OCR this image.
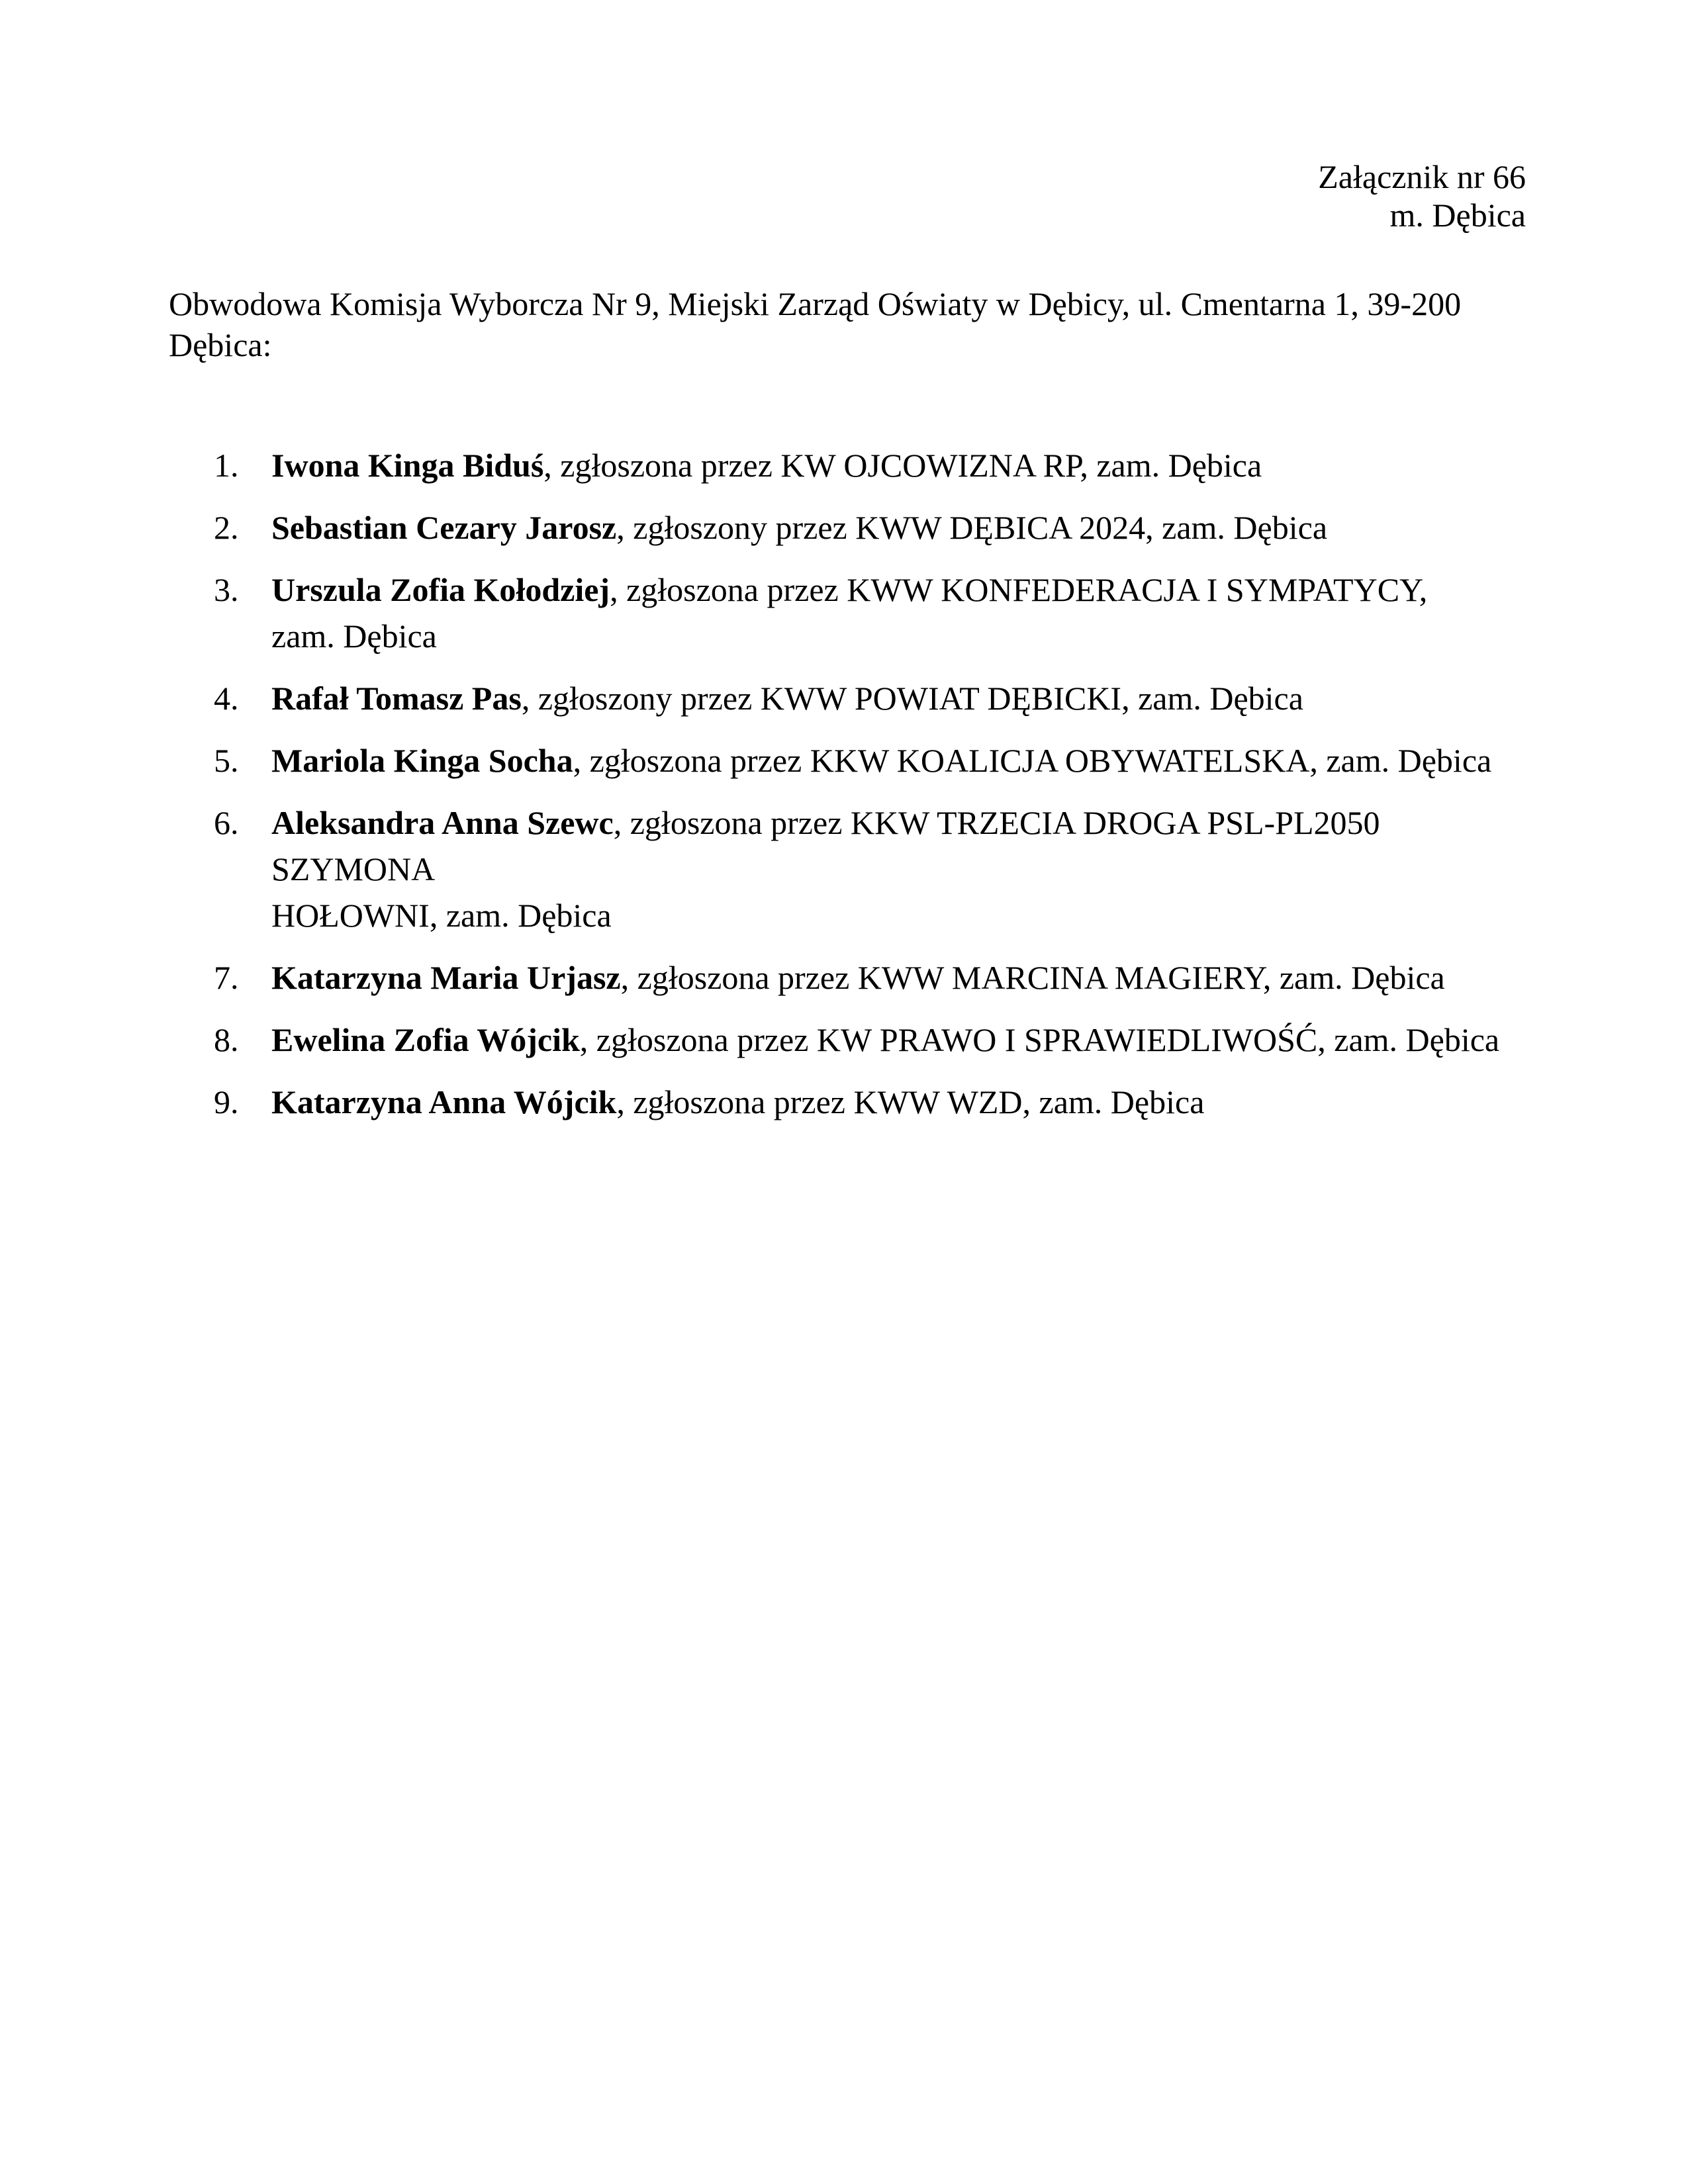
Załącznik nr 66
m. Dębica
Obwodowa Komisja Wyborcza Nr 9, Miejski Zarząd Oświaty w Dębicy, ul. Cmentarna 1, 39-200 Dębica:
1. Iwona Kinga Biduś, zgłoszona przez KW OJCOWIZNA RP, zam. Dębica
2. Sebastian Cezary Jarosz, zgłoszony przez KWW DĘBICA 2024, zam. Dębica
3. Urszula Zofia Kołodziej, zgłoszona przez KWW KONFEDERACJA I SYMPATYCY,
zam. Dębica
4. Rafał Tomasz Pas, zgłoszony przez KWW POWIAT DĘBICKI, zam. Dębica
5. Mariola Kinga Socha, zgłoszona przez KKW KOALICJA OBYWATELSKA, zam. Dębica
6. Aleksandra Anna Szewc, zgłoszona przez KKW TRZECIA DROGA PSL-PL2050 SZYMONA
HOŁOWNI, zam. Dębica
7. Katarzyna Maria Urjasz, zgłoszona przez KWW MARCINA MAGIERY, zam. Dębica
8. Ewelina Zofia Wójcik, zgłoszona przez KW PRAWO I SPRAWIEDLIWOŚĆ, zam. Dębica
9. Katarzyna Anna Wójcik, zgłoszona przez KWW WZD, zam. Dębica
